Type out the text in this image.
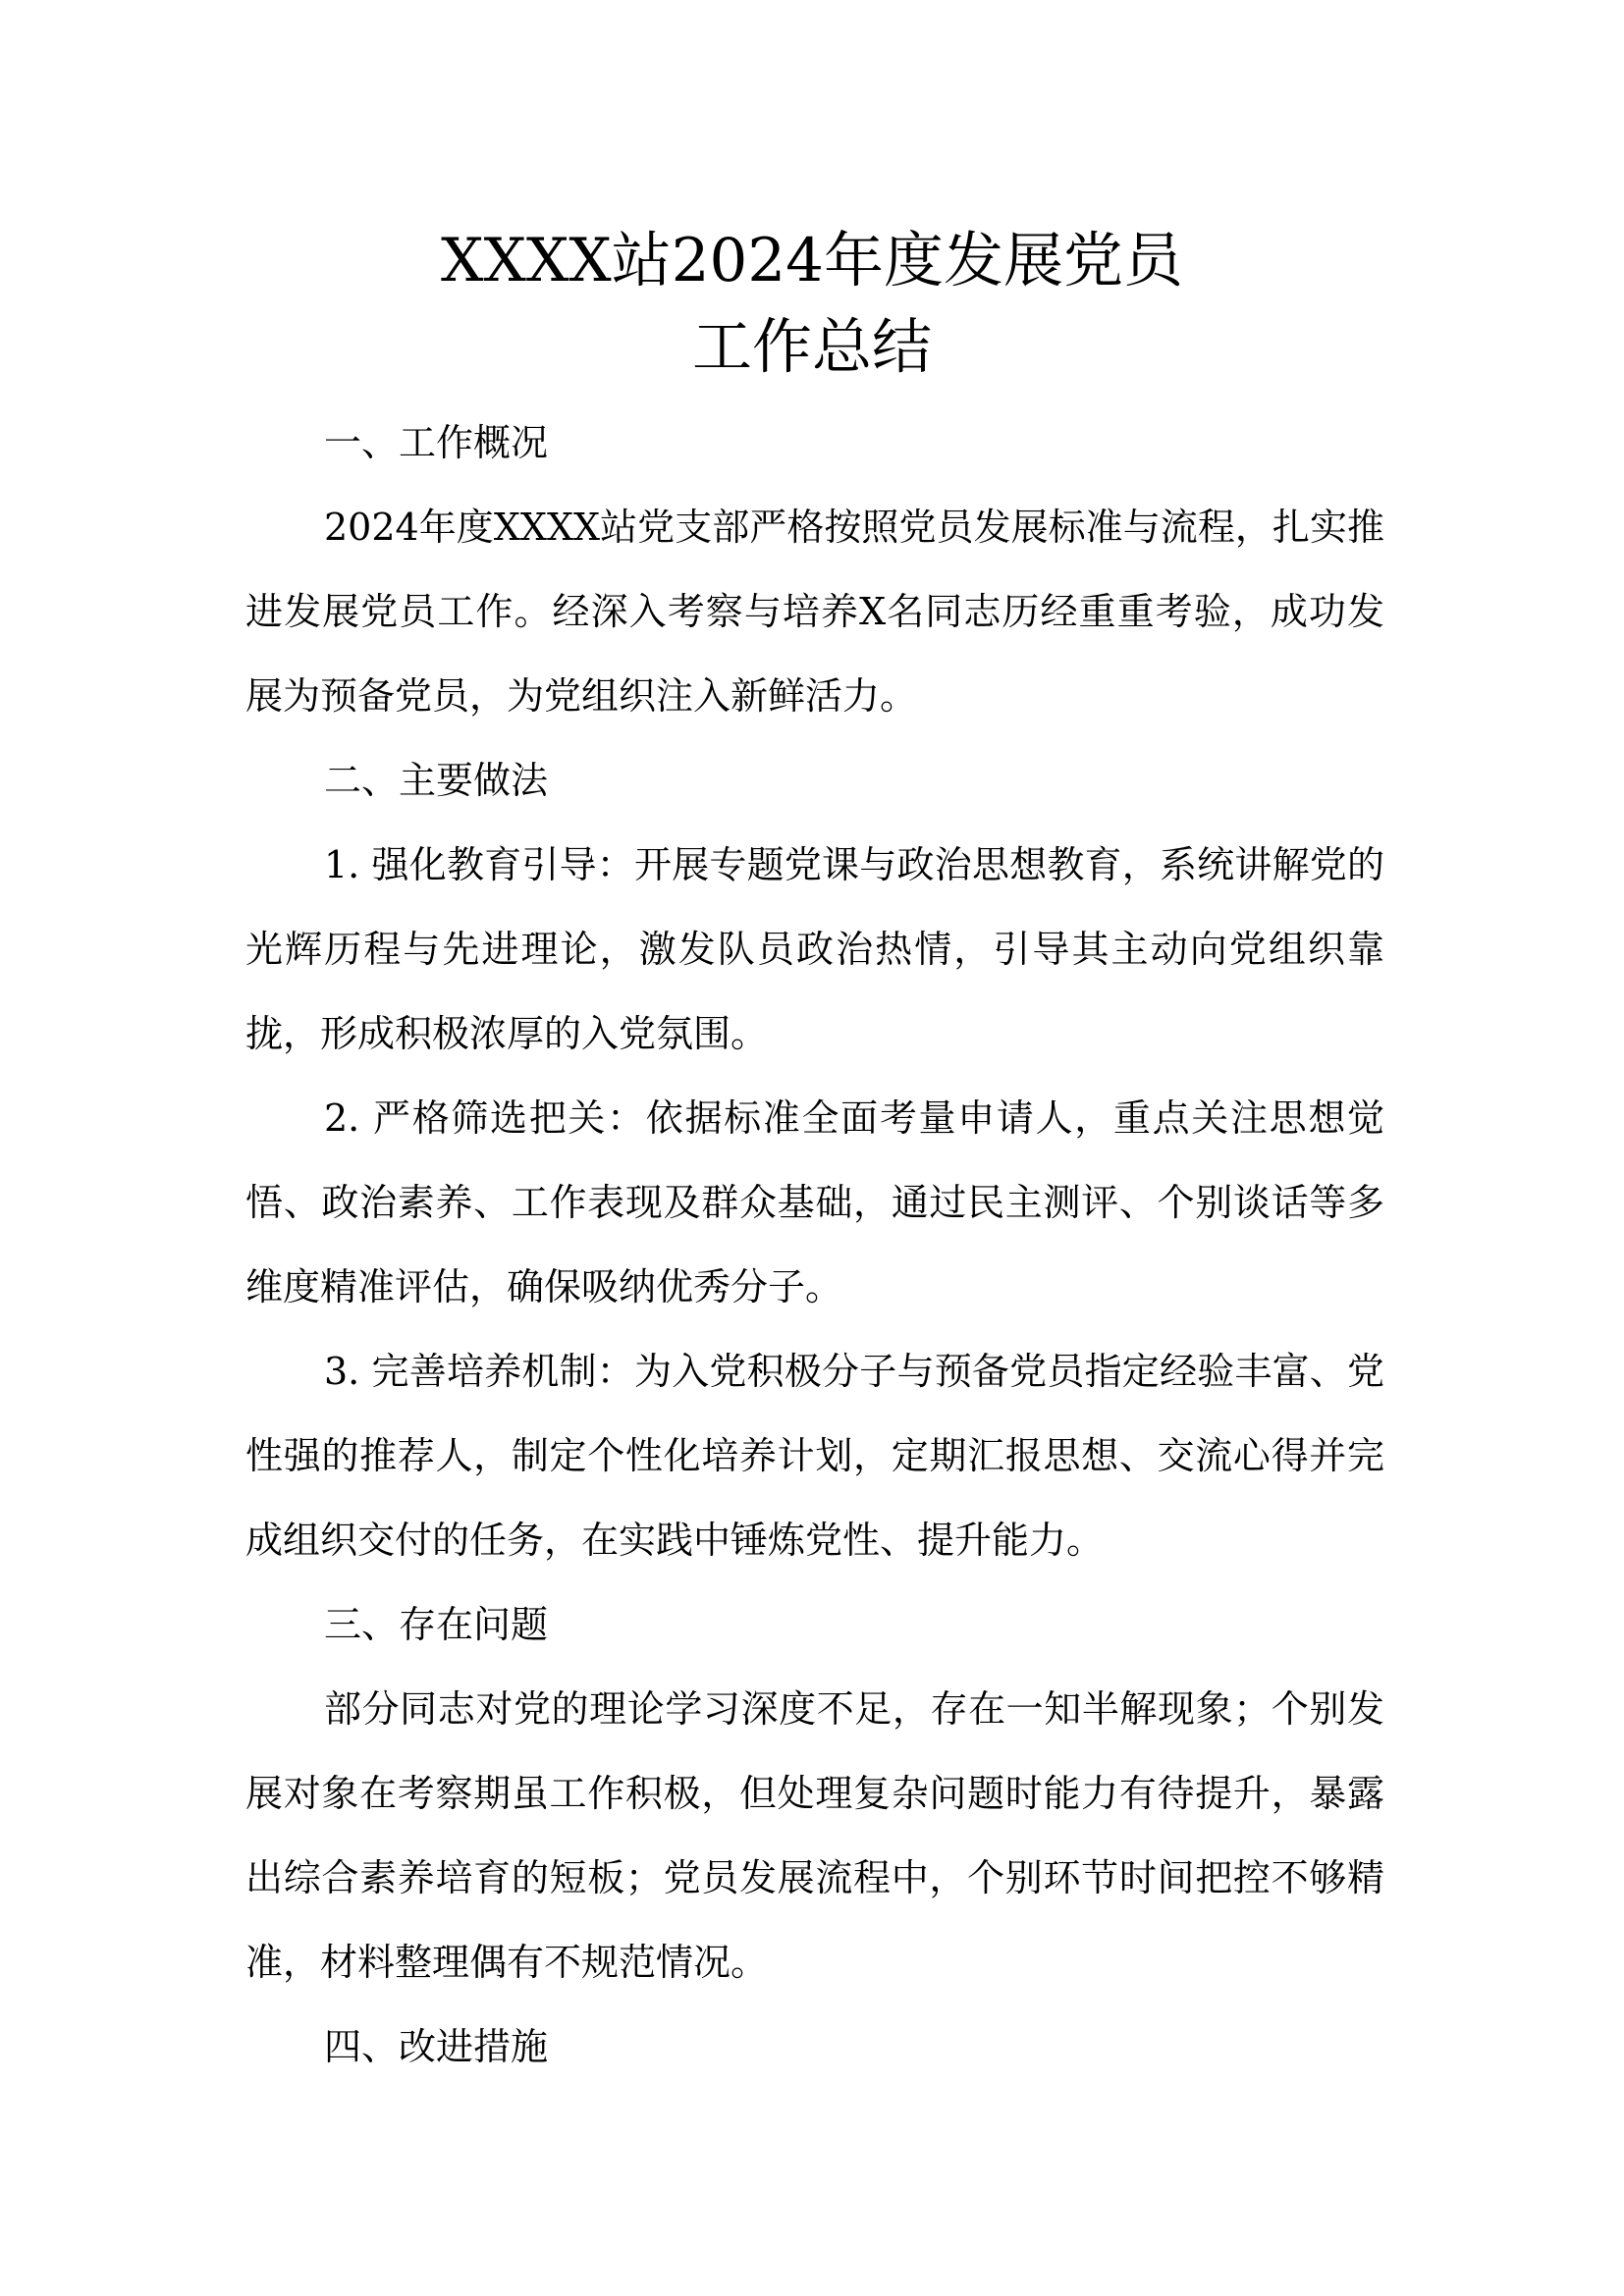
XXXX站2024年度发展党员
工作总结

一、工作概况

2024年度XXXX站党支部严格按照党员发展标准与流程，扎实推进发展党员工作。经深入考察与培养X名同志历经重重考验，成功发展为预备党员，为党组织注入新鲜活力。

二、主要做法

1. 强化教育引导：开展专题党课与政治思想教育，系统讲解党的光辉历程与先进理论，激发队员政治热情，引导其主动向党组织靠拢，形成积极浓厚的入党氛围。

2. 严格筛选把关：依据标准全面考量申请人，重点关注思想觉悟、政治素养、工作表现及群众基础，通过民主测评、个别谈话等多维度精准评估，确保吸纳优秀分子。

3. 完善培养机制：为入党积极分子与预备党员指定经验丰富、党性强的推荐人，制定个性化培养计划，定期汇报思想、交流心得并完成组织交付的任务，在实践中锤炼党性、提升能力。

三、存在问题

部分同志对党的理论学习深度不足，存在一知半解现象；个别发展对象在考察期虽工作积极，但处理复杂问题时能力有待提升，暴露出综合素养培育的短板；党员发展流程中，个别环节时间把控不够精准，材料整理偶有不规范情况。

四、改进措施
